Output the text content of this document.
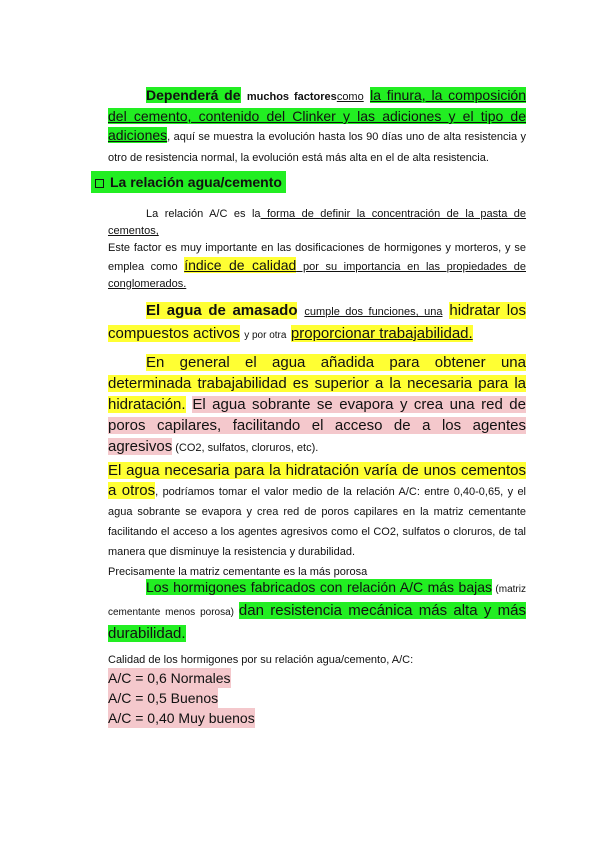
Dependerá de muchos factorescomo la finura, la composición del cemento, contenido del Clinker y las adiciones y el tipo de adiciones, aquí se muestra la evolución hasta los 90 días uno de alta resistencia y otro de resistencia normal, la evolución está más alta en el de alta resistencia.

La relación agua/cemento

La relación A/C es la forma de definir la concentración de la pasta de cementos,
Este factor es muy importante en las dosificaciones de hormigones y morteros, y se emplea como índice de calidad por su importancia en las propiedades de conglomerados.

El agua de amasado cumple dos funciones, una hidratar los compuestos activos y por otra proporcionar trabajabilidad.

En general el agua añadida para obtener una determinada trabajabilidad es superior a la necesaria para la hidratación. El agua sobrante se evapora y crea una red de poros capilares, facilitando el acceso de a los agentes agresivos (CO2, sulfatos, cloruros, etc).

El agua necesaria para la hidratación varía de unos cementos a otros, podríamos tomar el valor medio de la relación A/C: entre 0,40-0,65, y el agua sobrante se evapora y crea red de poros capilares en la matriz cementante facilitando el acceso a los agentes agresivos como el CO2, sulfatos o cloruros, de tal manera que disminuye la resistencia y durabilidad.
Precisamente la matriz cementante es la más porosa

Los hormigones fabricados con relación A/C más bajas (matriz cementante menos porosa) dan resistencia mecánica más alta y más durabilidad.

Calidad de los hormigones por su relación agua/cemento, A/C:
A/C = 0,6 Normales
A/C = 0,5 Buenos
A/C = 0,40 Muy buenos
